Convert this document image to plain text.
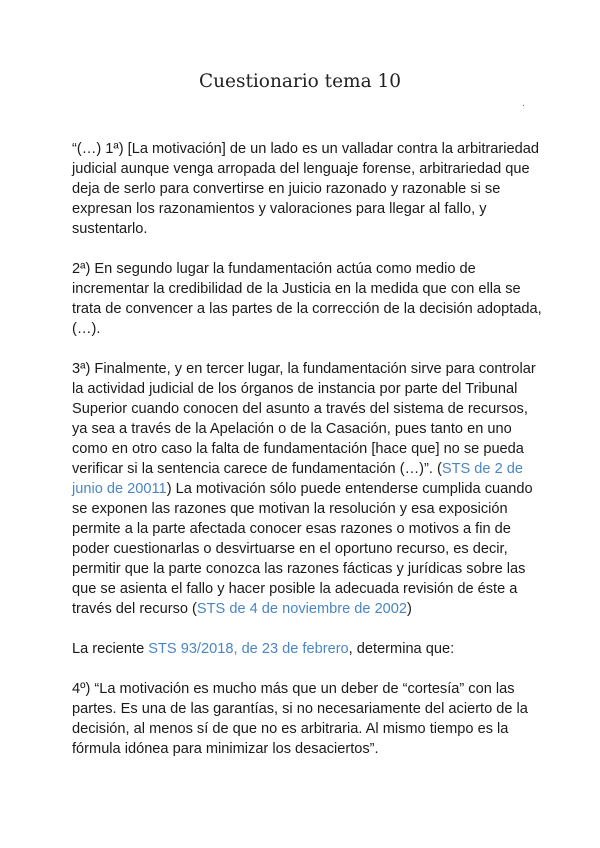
Cuestionario tema 10
.

“(…) 1ª) [La motivación] de un lado es un valladar contra la arbitrariedad judicial aunque venga arropada del lenguaje forense, arbitrariedad que deja de serlo para convertirse en juicio razonado y razonable si se expresan los razonamientos y valoraciones para llegar al fallo, y sustentarlo.

2ª) En segundo lugar la fundamentación actúa como medio de incrementar la credibilidad de la Justicia en la medida que con ella se trata de convencer a las partes de la corrección de la decisión adoptada, (…).

3ª) Finalmente, y en tercer lugar, la fundamentación sirve para controlar la actividad judicial de los órganos de instancia por parte del Tribunal Superior cuando conocen del asunto a través del sistema de recursos, ya sea a través de la Apelación o de la Casación, pues tanto en uno como en otro caso la falta de fundamentación [hace que] no se pueda verificar si la sentencia carece de fundamentación (…)”. (STS de 2 de junio de 20011) La motivación sólo puede entenderse cumplida cuando se exponen las razones que motivan la resolución y esa exposición permite a la parte afectada conocer esas razones o motivos a fin de poder cuestionarlas o desvirtuarse en el oportuno recurso, es decir, permitir que la parte conozca las razones fácticas y jurídicas sobre las que se asienta el fallo y hacer posible la adecuada revisión de éste a través del recurso (STS de 4 de noviembre de 2002)

La reciente STS 93/2018, de 23 de febrero, determina que:

4º) “La motivación es mucho más que un deber de “cortesía” con las partes. Es una de las garantías, si no necesariamente del acierto de la decisión, al menos sí de que no es arbitraria. Al mismo tiempo es la fórmula idónea para minimizar los desaciertos”.
